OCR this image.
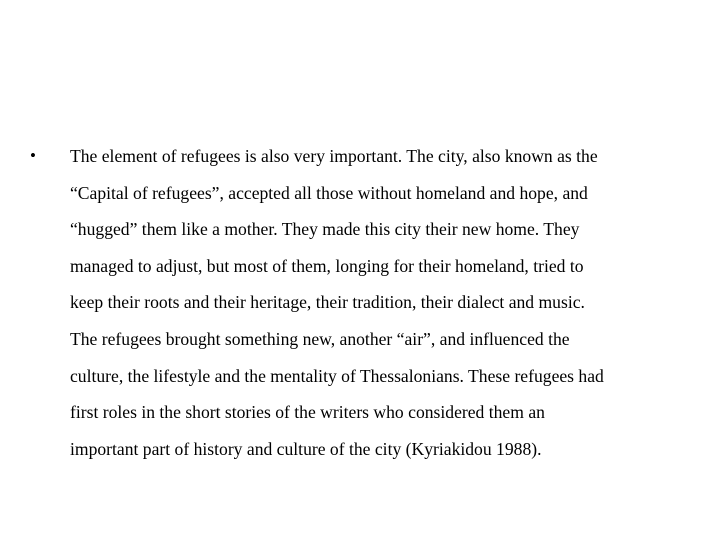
• The element of refugees is also very important. The city, also known as the
“Capital of refugees”, accepted all those without homeland and hope, and
“hugged” them like a mother. They made this city their new home. They
managed to adjust, but most of them, longing for their homeland, tried to
keep their roots and their heritage, their tradition, their dialect and music.
The refugees brought something new, another “air”, and influenced the
culture, the lifestyle and the mentality of Thessalonians. These refugees had
first roles in the short stories of the writers who considered them an
important part of history and culture of the city (Kyriakidou 1988).
